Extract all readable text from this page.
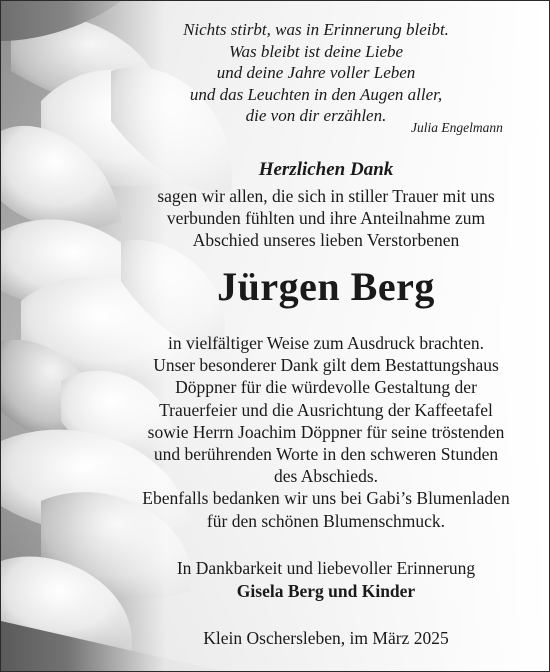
Nichts stirbt, was in Erinnerung bleibt.
Was bleibt ist deine Liebe
und deine Jahre voller Leben
und das Leuchten in den Augen aller,
die von dir erzählen.
Julia Engelmann
Herzlichen Dank
sagen wir allen, die sich in stiller Trauer mit uns
verbunden fühlten und ihre Anteilnahme zum
Abschied unseres lieben Verstorbenen
Jürgen Berg
in vielfältiger Weise zum Ausdruck brachten.
Unser besonderer Dank gilt dem Bestattungshaus
Döppner für die würdevolle Gestaltung der
Trauerfeier und die Ausrichtung der Kaffeetafel
sowie Herrn Joachim Döppner für seine tröstenden
und berührenden Worte in den schweren Stunden
des Abschieds.
Ebenfalls bedanken wir uns bei Gabi’s Blumenladen
für den schönen Blumenschmuck.
In Dankbarkeit und liebevoller Erinnerung
Gisela Berg und Kinder
Klein Oschersleben, im März 2025
